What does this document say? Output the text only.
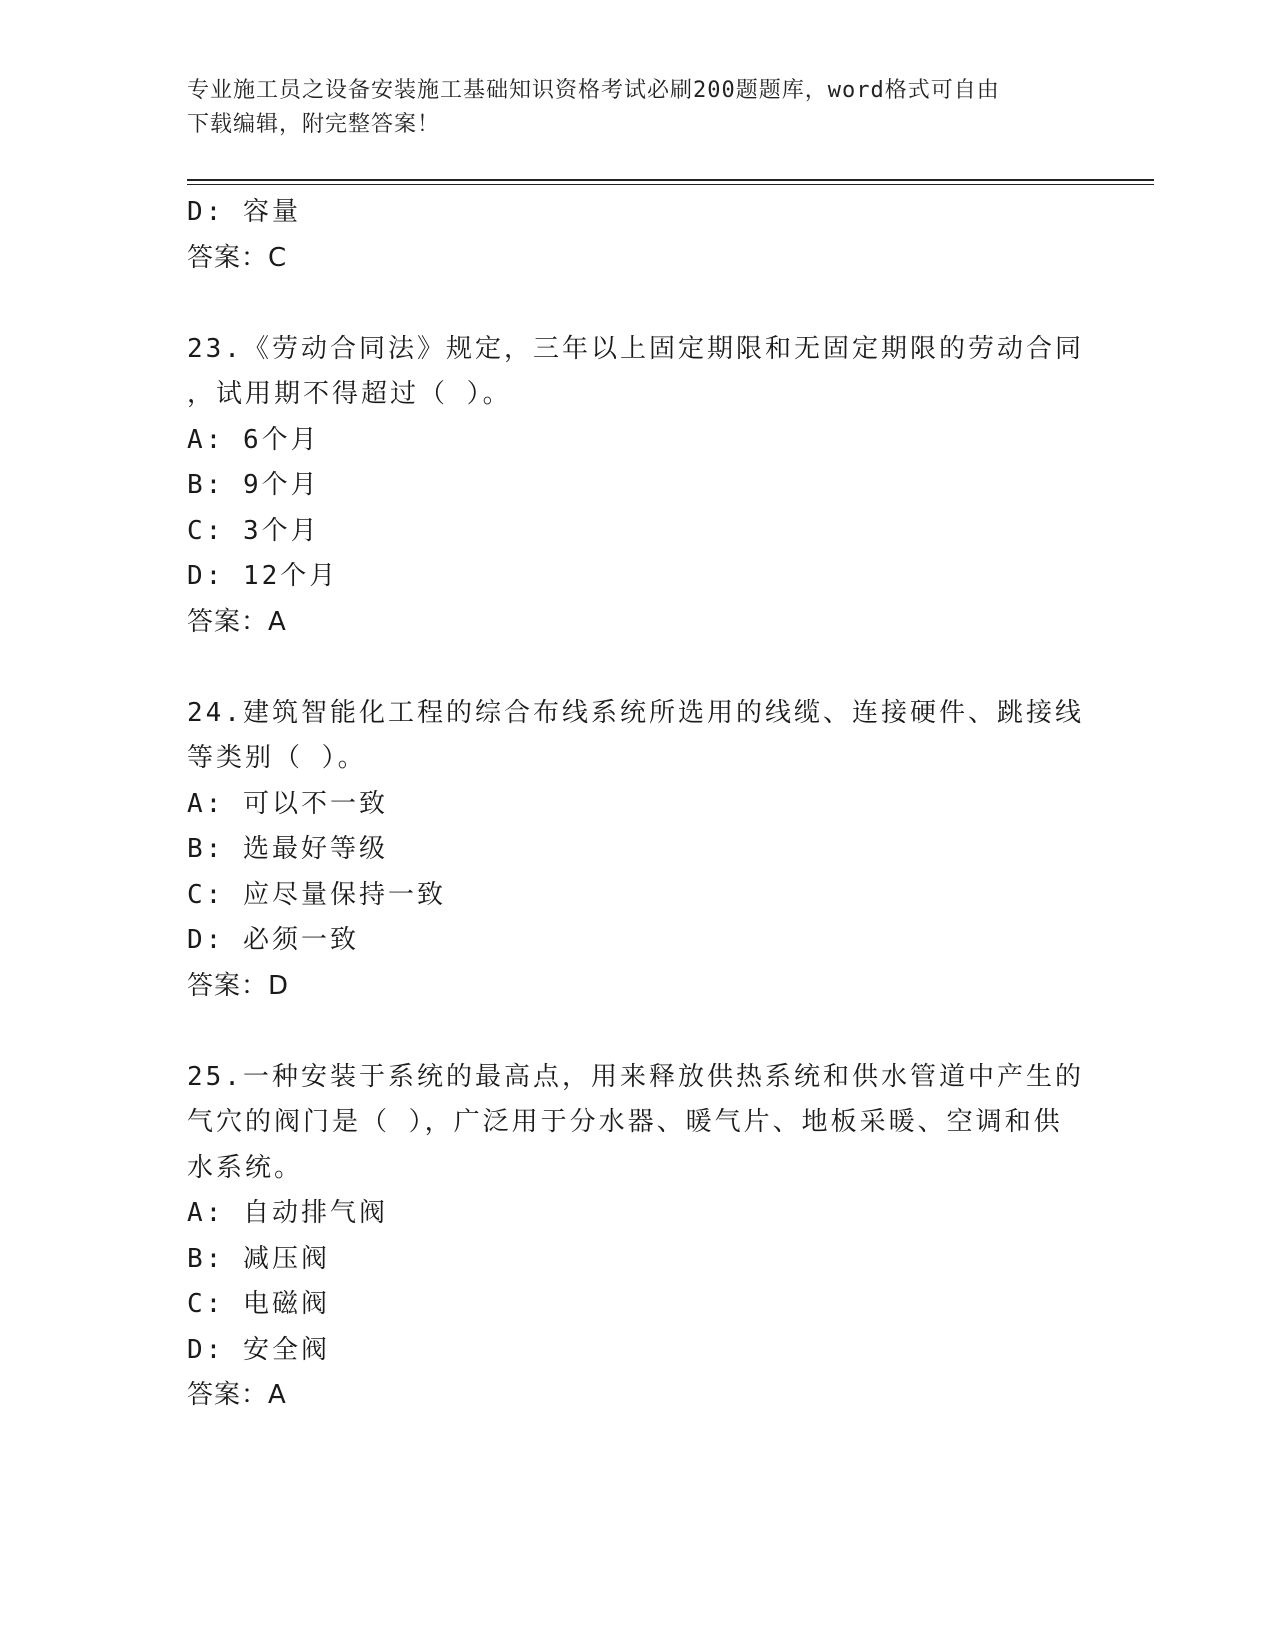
专业施工员之设备安装施工基础知识资格考试必刷200题题库，word格式可自由
下载编辑，附完整答案！
D: 容量
答案：C
23.《劳动合同法》规定，三年以上固定期限和无固定期限的劳动合同
，试用期不得超过（ ）。
A: 6个月
B: 9个月
C: 3个月
D: 12个月
答案：A
24.建筑智能化工程的综合布线系统所选用的线缆、连接硬件、跳接线
等类别（ ）。
A: 可以不一致
B: 选最好等级
C: 应尽量保持一致
D: 必须一致
答案：D
25.一种安装于系统的最高点，用来释放供热系统和供水管道中产生的
气穴的阀门是（ ），广泛用于分水器、暖气片、地板采暖、空调和供
水系统。
A: 自动排气阀
B: 减压阀
C: 电磁阀
D: 安全阀
答案：A
